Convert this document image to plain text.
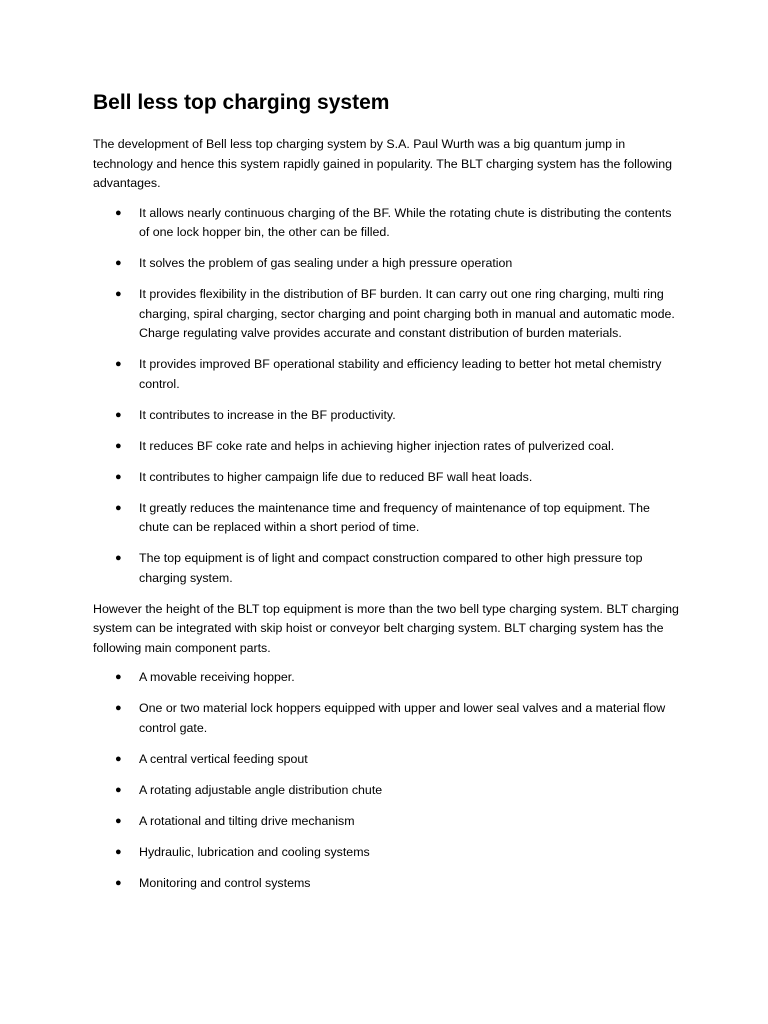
Bell less top charging system

The development of Bell less top charging system by S.A. Paul Wurth was a big quantum jump in technology and hence this system rapidly gained in popularity. The BLT charging system has the following advantages.

● It allows nearly continuous charging of the BF. While the rotating chute is distributing the contents of one lock hopper bin, the other can be filled.
● It solves the problem of gas sealing under a high pressure operation
● It provides flexibility in the distribution of BF burden. It can carry out one ring charging, multi ring charging, spiral charging, sector charging and point charging both in manual and automatic mode. Charge regulating valve provides accurate and constant distribution of burden materials.
● It provides improved BF operational stability and efficiency leading to better hot metal chemistry control.
● It contributes to increase in the BF productivity.
● It reduces BF coke rate and helps in achieving higher injection rates of pulverized coal.
● It contributes to higher campaign life due to reduced BF wall heat loads.
● It greatly reduces the maintenance time and frequency of maintenance of top equipment. The chute can be replaced within a short period of time.
● The top equipment is of light and compact construction compared to other high pressure top charging system.

However the height of the BLT top equipment is more than the two bell type charging system. BLT charging system can be integrated with skip hoist or conveyor belt charging system. BLT charging system has the following main component parts.

● A movable receiving hopper.
● One or two material lock hoppers equipped with upper and lower seal valves and a material flow control gate.
● A central vertical feeding spout
● A rotating adjustable angle distribution chute
● A rotational and tilting drive mechanism
● Hydraulic, lubrication and cooling systems
● Monitoring and control systems
